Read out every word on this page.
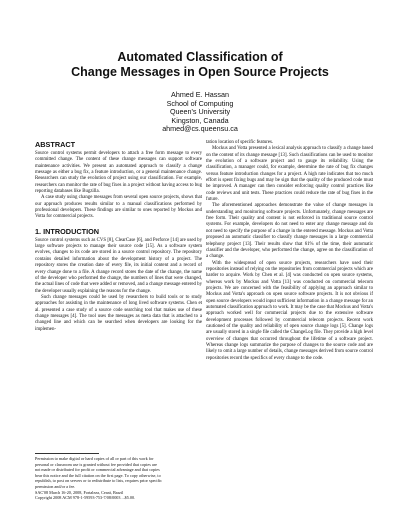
Automated Classification of
Change Messages in Open Source Projects
Ahmed E. Hassan
School of Computing
Queen's University
Kingston, Canada
ahmed@cs.queensu.ca
ABSTRACT

Source control systems permit developers to attach a free form message to every committed change. The content of these change messages can support software maintenance activities. We present an automated approach to classify a change message as either a bug fix, a feature introduction, or a general maintenance change. Researchers can study the evolution of project using our classification. For example, researchers can monitor the rate of bug fixes in a project without having access to bug reporting databases like Bugzilla.

A case study using change messages from several open source projects, shows that our approach produces results similar to a manual classifications performed by professional developers. These findings are similar to ones reported by Mockus and Votta for commercial projects.

1. INTRODUCTION

Source control systems such as CVS [8], ClearCase [6], and Perforce [14] are used by large software projects to manage their source code [15]. As a software system evolves, changes to its code are stored in a source control repository. The repository contains detailed information about the development history of a project. The repository stores the creation date of every file, its initial content and a record of every change done to a file. A change record stores the date of the change, the name of the developer who performed the change, the numbers of lines that were changed, the actual lines of code that were added or removed, and a change message entered by the developer usually explaining the reasons for the change.

Such change messages could be used by researchers to build tools or to study approaches for assisting in the maintenance of long lived software systems. Chen et al. presented a case study of a source code searching tool that makes use of these change messages [4]. The tool uses the messages as meta data that is attached to a changed line and which can be searched when developers are looking for the implemen-

Permission to make digital or hard copies of all or part of this work for
personal or classroom use is granted without fee provided that copies are
not made or distributed for profit or commercial advantage and that copies
bear this notice and the full citation on the first page. To copy otherwise, to
republish, to post on servers or to redistribute to lists, requires prior specific
permission and/or a fee.
SAC'08 March 16-20, 2008, Fortaleza, Ceará, Brazil
Copyright 2008 ACM 978-1-59593-753-7/08/0003 ...$5.00.

tation location of specific features.

Mockus and Votta presented a lexical analysis approach to classify a change based on the content of its change message [13]. Such classifications can be used to monitor the evolution of a software project and to gauge its reliability. Using the classification, a manager could, for example, determine the rate of bug fix changes versus feature introduction changes for a project. A high rate indicates that too much effort is spent fixing bugs and may be sign that the quality of the produced code must be improved. A manager can then consider enforcing quality control practices like code reviews and unit tests. These practices could reduce the rate of bug fixes in the future.

The aforementioned approaches demonstrate the value of change messages in understanding and monitoring software projects. Unfortunately, change messages are free form. Their quality and content is not enforced in traditional source control systems. For example, developers do not need to enter any change message and do not need to specify the purpose of a change in the entered message. Mockus and Votta proposed an automatic classifier to classify change messages in a large commercial telephony project [13]. Their results show that 61% of the time, their automatic classifier and the developer, who performed the change, agree on the classification of a change.

With the widespread of open source projects, researchers have used their repositories instead of relying on the repositories from commercial projects which are harder to acquire. Work by Chen et al. [4] was conducted on open source systems, whereas work by Mockus and Votta [13] was conducted on commercial telecom projects. We are concerned with the feasibility of applying an approach similar to Mockus and Votta's approach on open source software projects. It is not obvious if open source developers would input sufficient information in a change message for an automated classification approach to work. It may be the case that Mockus and Votta's approach worked well for commercial projects due to the extensive software development processes followed by commercial telecom projects. Recent work cautioned of the quality and reliability of open source change logs [5]. Change logs are usually stored in a single file called the ChangeLog file. They provide a high level overview of changes that occurred throughout the lifetime of a software project. Whereas change logs summarize the purpose of changes to the source code and are likely to omit a large number of details, change messages derived from source control repositories record the specifics of every change to the code.
